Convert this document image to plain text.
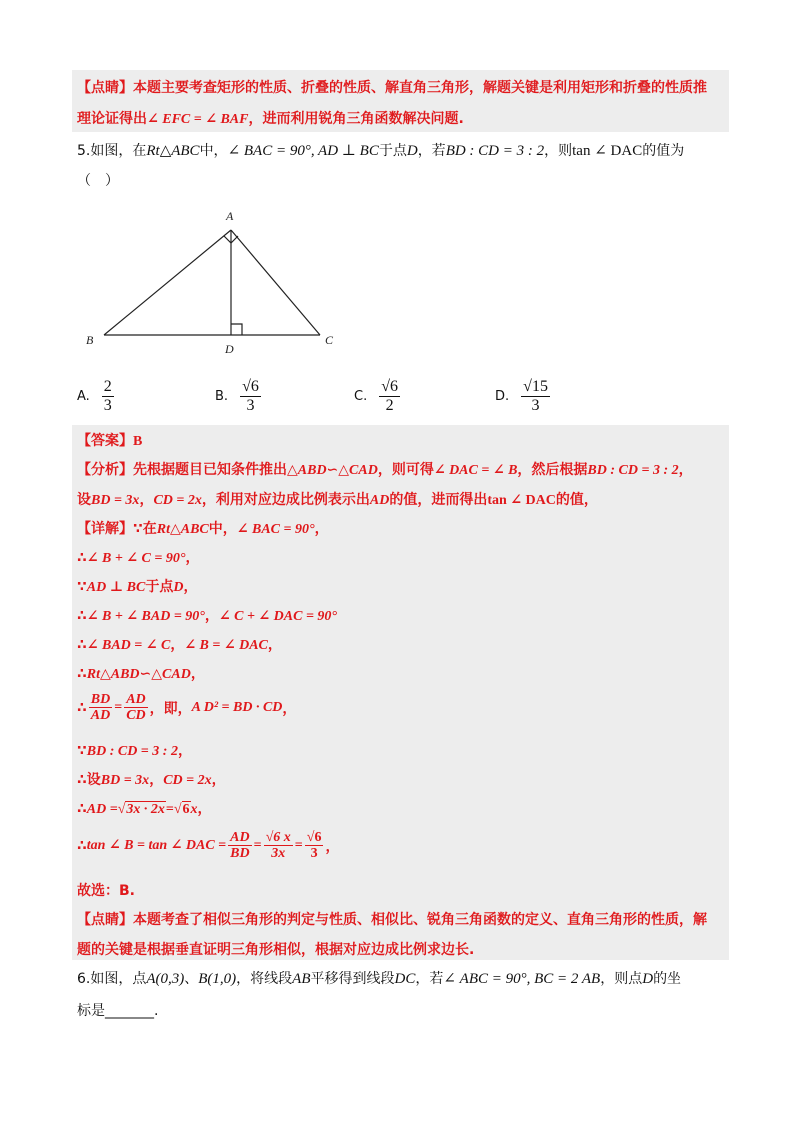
【点睛】本题主要考查矩形的性质、折叠的性质、解直角三角形，解题关键是利用矩形和折叠的性质推
理论证得出∠ EFC = ∠ BAF，进而利用锐角三角函数解决问题.
5.如图，在Rt△ABC中，∠ BAC = 90°, AD ⊥ BC于点D，若BD : CD = 3 : 2，则tan ∠ DAC的值为
（　）
A
B	C
D
A. $\frac{2}{3}$	B. $\frac{√6}{3}$	C. $\frac{√6}{2}$	D. $\frac{√15}{3}$
【答案】B
【分析】先根据题目已知条件推出△ABD∽△CAD，则可得∠ DAC = ∠ B，然后根据BD : CD = 3 : 2，
设BD = 3x，CD = 2x，利用对应边成比例表示出AD的值，进而得出tan ∠ DAC的值，
【详解】∵在Rt△ABC中，∠ BAC = 90°，
∴∠ B + ∠ C = 90°，
∵AD ⊥ BC于点D，
∴∠ B + ∠ BAD = 90°，∠ C + ∠ DAC = 90°
∴∠ BAD = ∠ C，∠ B = ∠ DAC，
∴Rt△ABD∽△CAD，
∴ $\frac{BD}{AD} = \frac{AD}{CD}$ ，即， A D² = BD · CD ，
∵BD : CD = 3 : 2，
∴设BD = 3x，CD = 2x，
∴AD =√3x · 2x=√6x，
∴ tan ∠ B = tan ∠ DAC = $\frac{AD}{BD} = \frac{√6 x}{3x} = \frac{√6}{3}$ ，
故选：B.
【点睛】本题考查了相似三角形的判定与性质、相似比、锐角三角函数的定义、直角三角形的性质，解
题的关键是根据垂直证明三角形相似，根据对应边成比例求边长.
6.如图，点A(0,3)、B(1,0)，将线段AB平移得到线段DC，若∠ ABC = 90°, BC = 2 AB，则点D的坐
标是_______.
